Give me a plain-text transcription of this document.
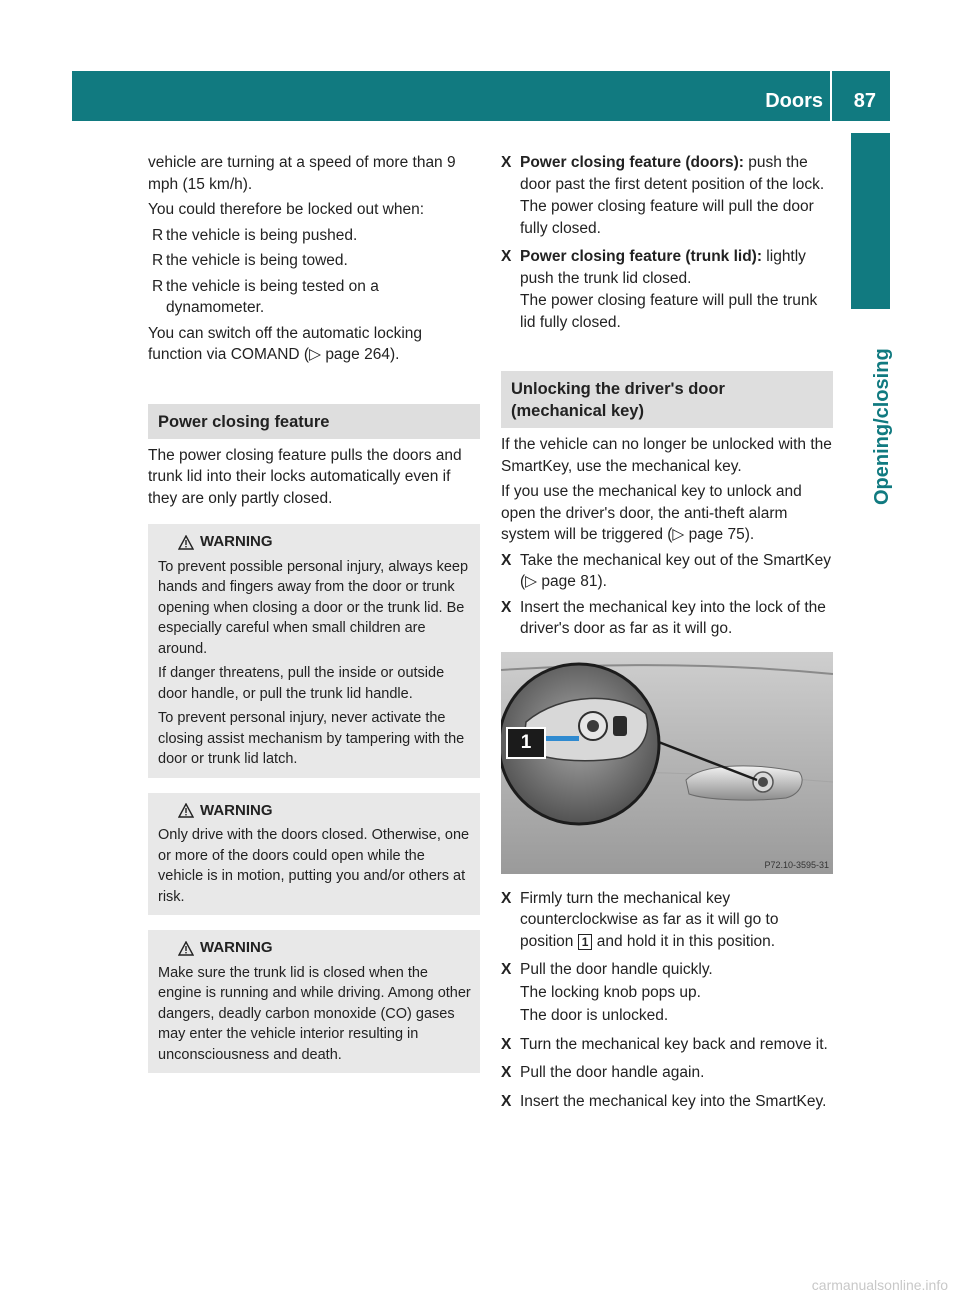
Doors 87
Opening/closing

vehicle are turning at a speed of more than 9 mph (15 km/h).

You could therefore be locked out when:

R the vehicle is being pushed.
R the vehicle is being towed.
R the vehicle is being tested on a dynamometer.

You can switch off the automatic locking function via COMAND (▷ page 264).

Power closing feature

The power closing feature pulls the doors and trunk lid into their locks automatically even if they are only partly closed.

WARNING

To prevent possible personal injury, always keep hands and fingers away from the door or trunk opening when closing a door or the trunk lid. Be especially careful when small children are around.

If danger threatens, pull the inside or outside door handle, or pull the trunk lid handle.

To prevent personal injury, never activate the closing assist mechanism by tampering with the door or trunk lid latch.

WARNING

Only drive with the doors closed. Otherwise, one or more of the doors could open while the vehicle is in motion, putting you and/or others at risk.

WARNING

Make sure the trunk lid is closed when the engine is running and while driving. Among other dangers, deadly carbon monoxide (CO) gases may enter the vehicle interior resulting in unconsciousness and death.

X Power closing feature (doors): push the door past the first detent position of the lock.
The power closing feature will pull the door fully closed.
X Power closing feature (trunk lid): lightly push the trunk lid closed.
The power closing feature will pull the trunk lid fully closed.
Unlocking the driver's door (mechanical key)

If the vehicle can no longer be unlocked with the SmartKey, use the mechanical key.

If you use the mechanical key to unlock and open the driver's door, the anti-theft alarm system will be triggered (▷ page 75).

X Take the mechanical key out of the SmartKey (▷ page 81).
X Insert the mechanical key into the lock of the driver's door as far as it will go.
1
P72.10-3595-31
X Firmly turn the mechanical key counterclockwise as far as it will go to position 1 and hold it in this position.
X Pull the door handle quickly.
The locking knob pops up.
The door is unlocked.
X Turn the mechanical key back and remove it.
X Pull the door handle again.
X Insert the mechanical key into the SmartKey.
carmanualsonline.info
